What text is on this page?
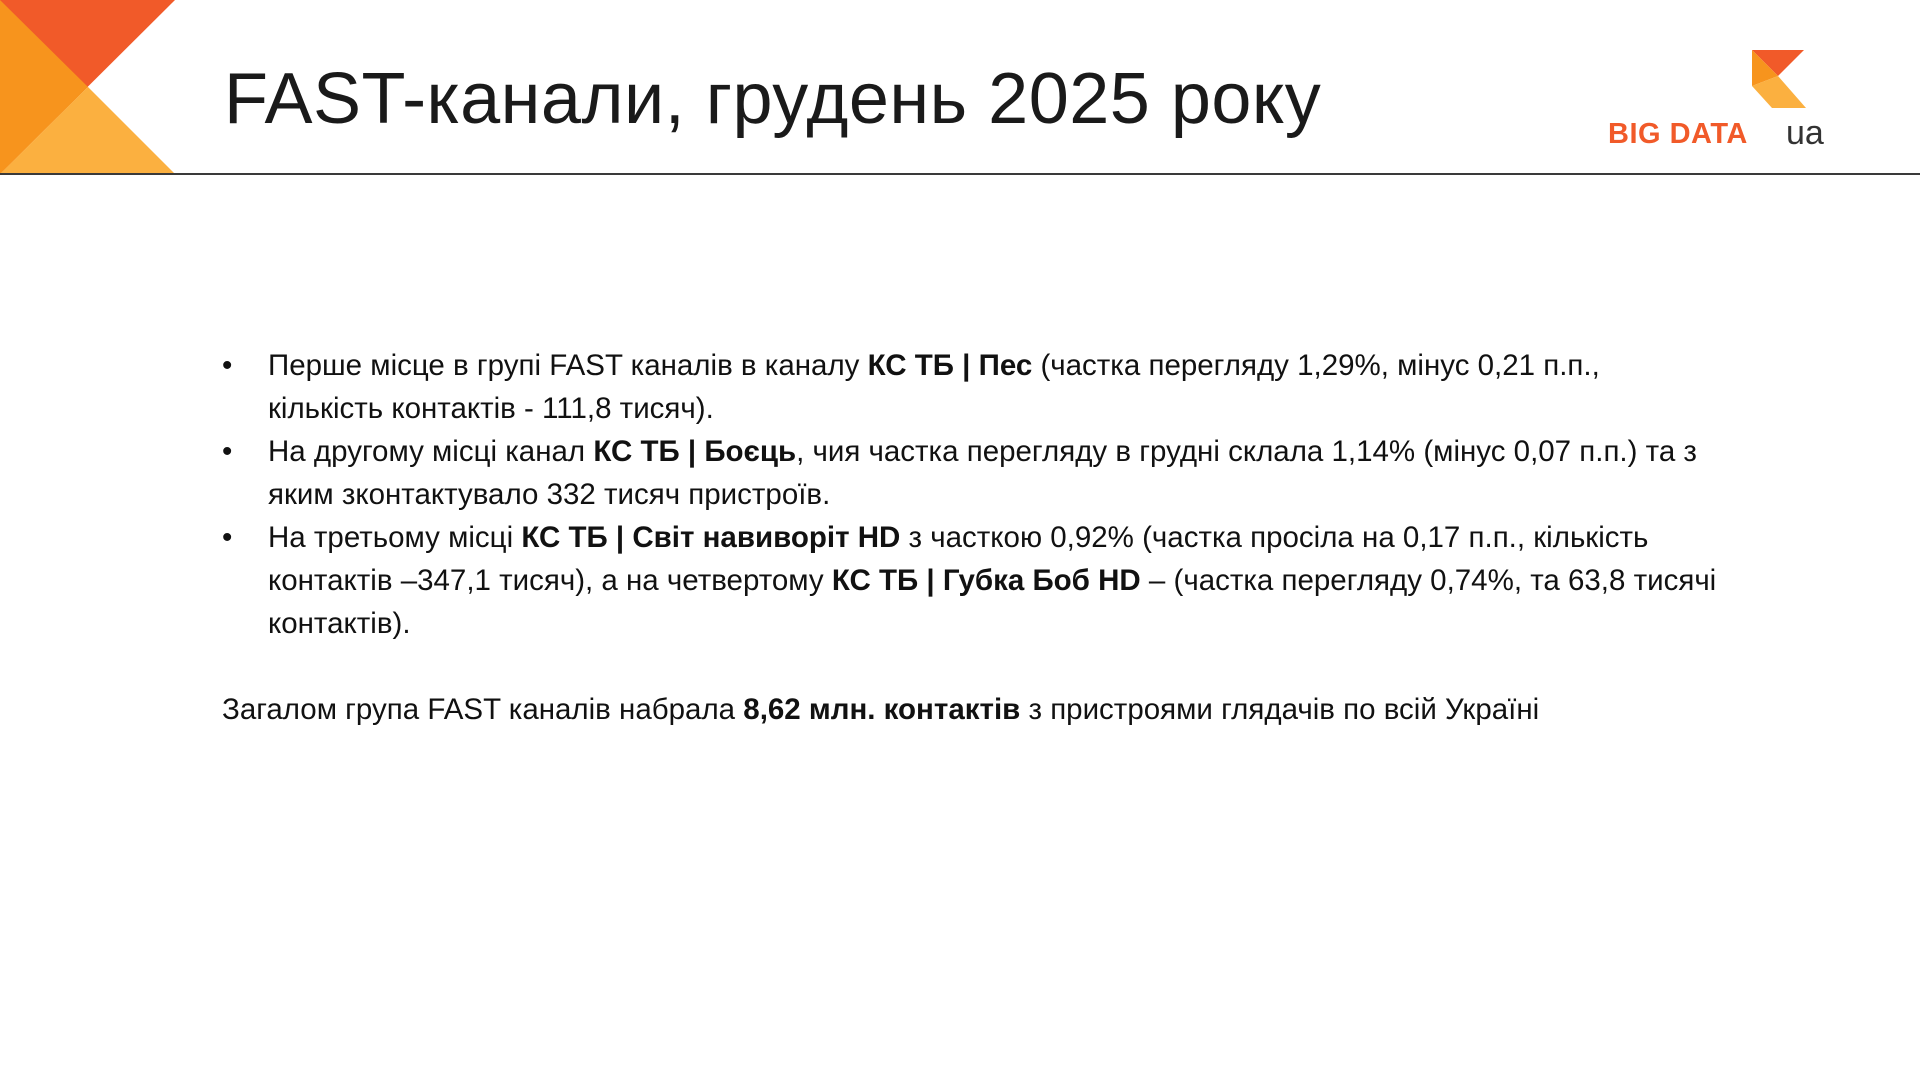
FAST-канали, грудень 2025 року	BIG DATA ua
• Перше місце в групі FAST каналів в каналу КС ТБ | Пес (частка перегляду 1,29%, мінус 0,21 п.п., кількість контактів - 111,8 тисяч).
• На другому місці канал КС ТБ | Боєць, чия частка перегляду в грудні склала 1,14% (мінус 0,07 п.п.) та з яким зконтактувало 332 тисяч пристроїв.
• На третьому місці КС ТБ | Світ навиворіт HD з часткою 0,92% (частка просіла на 0,17 п.п., кількість контактів –347,1 тисяч), а на четвертому КС ТБ | Губка Боб HD – (частка перегляду 0,74%, та 63,8 тисячі контактів).

Загалом група FAST каналів набрала 8,62 млн. контактів з пристроями глядачів по всій Україні
